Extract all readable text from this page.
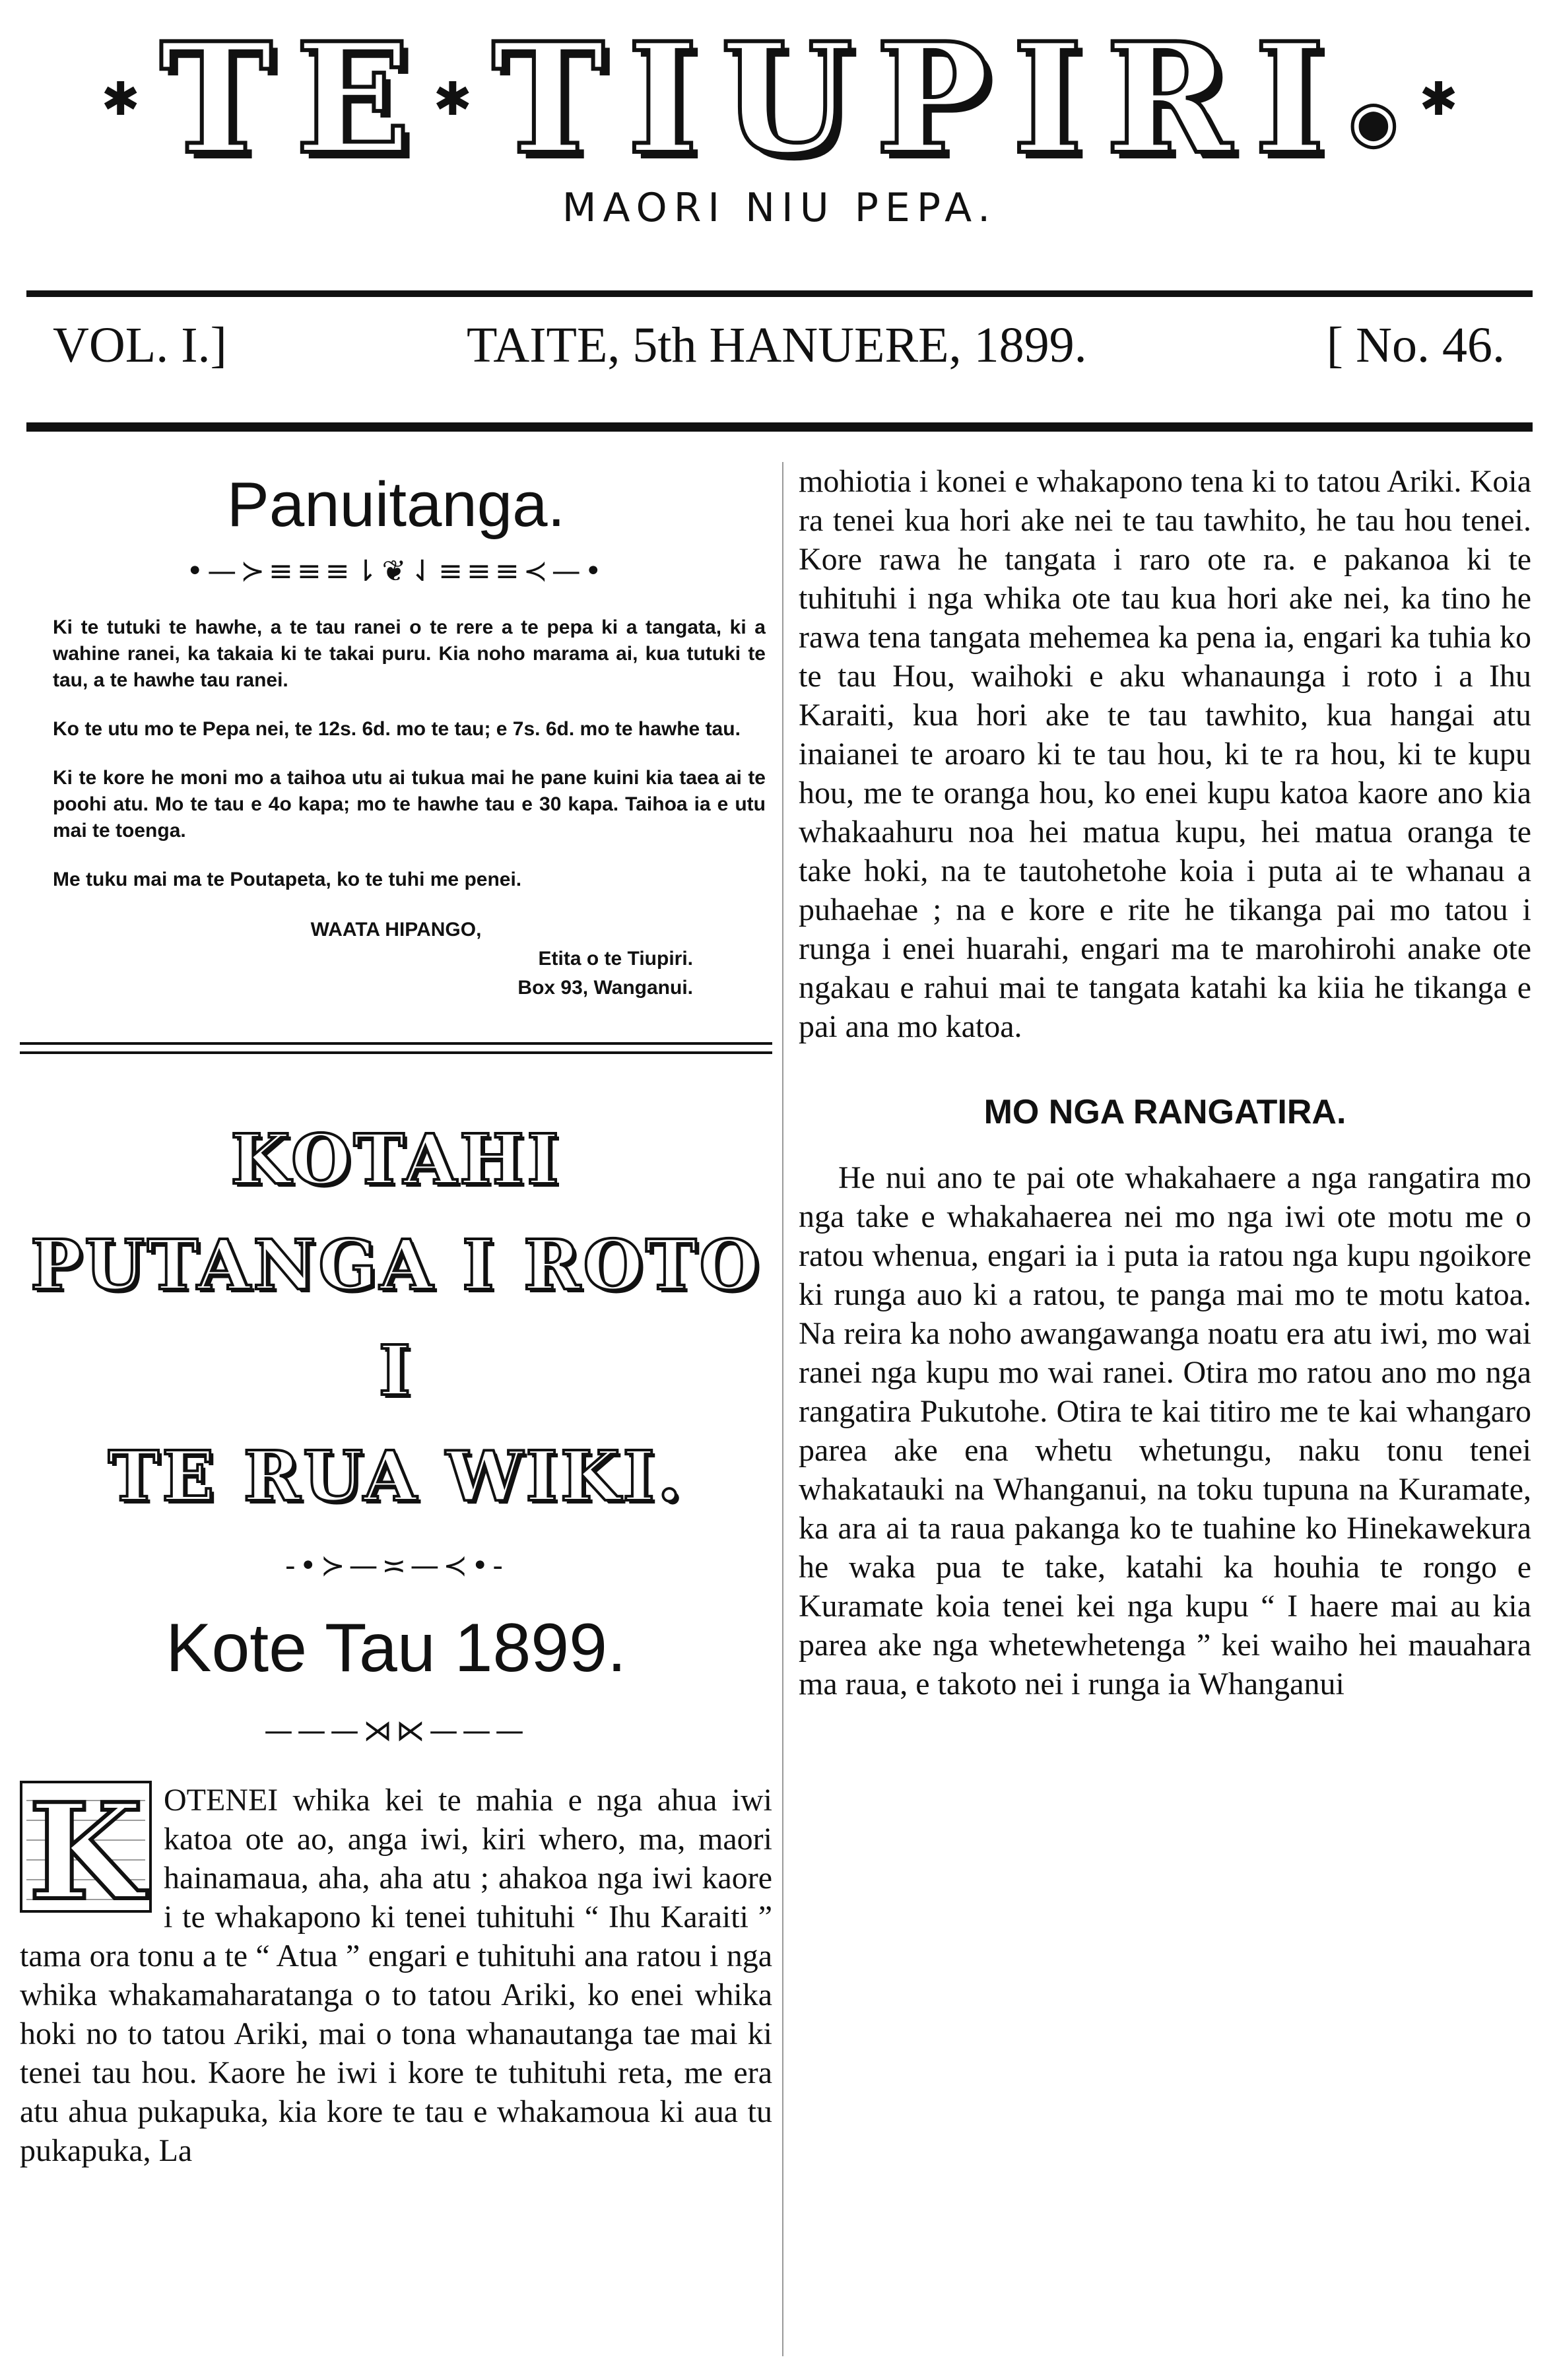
✱ T E ✱ T I U P I R I ◉ ✱
MAORI NIU PEPA.
VOL. I.]	TAITE, 5th HANUERE, 1899.	[ No. 46.
Panuitanga.
•—≻≡≡≡⇂❦⇃≡≡≡≺—•

Ki te tutuki te hawhe, a te tau ranei o te rere a te pepa ki a tangata, ki a wahine ranei, ka takaia ki te takai puru. Kia noho marama ai, kua tutuki te tau, a te hawhe tau ranei.

Ko te utu mo te Pepa nei, te 12s. 6d. mo te tau; e 7s. 6d. mo te hawhe tau.

Ki te kore he moni mo a taihoa utu ai tukua mai he pane kuini kia taea ai te poohi atu. Mo te tau e 4o kapa; mo te hawhe tau e 30 kapa. Taihoa ia e utu mai te toenga.

Me tuku mai ma te Poutapeta, ko te tuhi me penei.

WAATA HIPANGO,
Etita o te Tiupiri.
Box 93, Wanganui.
KOTAHI PUTANGA I ROTO I
TE RUA WIKI.
-•≻—≍—≺•-
Kote Tau 1899.
———⋊⋉———
K OTENEI whika kei te mahia e nga ahua iwi katoa ote ao, anga iwi, kiri whero, ma, maori hainamaua, aha, aha atu ; ahakoa nga iwi kaore i te whakapono ki tenei tuhituhi “ Ihu Karaiti ” tama ora tonu a te “ Atua ” engari e tuhituhi ana ratou i nga whika whakamaharatanga o to tatou Ariki, ko enei whika hoki no to tatou Ariki, mai o tona whanautanga tae mai ki tenei tau hou. Kaore he iwi i kore te tuhituhi reta, me era atu ahua pukapuka, kia kore te tau e whakamoua ki aua tu pukapuka, La
mohiotia i konei e whakapono tena ki to tatou Ariki. Koia ra tenei kua hori ake nei te tau tawhito, he tau hou tenei. Kore rawa he tangata i raro ote ra. e pakanoa ki te tuhituhi i nga whika ote tau kua hori ake nei, ka tino he rawa tena tangata mehemea ka pena ia, engari ka tuhia ko te tau Hou, waihoki e aku whanaunga i roto i a Ihu Karaiti, kua hori ake te tau tawhito, kua hangai atu inaianei te aroaro ki te tau hou, ki te ra hou, ki te kupu hou, me te oranga hou, ko enei kupu katoa kaore ano kia whakaahuru noa hei matua kupu, hei matua oranga te take hoki, na te tautohetohe koia i puta ai te whanau a puhaehae ; na e kore e rite he tikanga pai mo tatou i runga i enei huarahi, engari ma te marohirohi anake ote ngakau e rahui mai te tangata katahi ka kiia he tikanga e pai ana mo katoa.
MO NGA RANGATIRA.
He nui ano te pai ote whakahaere a nga rangatira mo nga take e whakahaerea nei mo nga iwi ote motu me o ratou whenua, engari ia i puta ia ratou nga kupu ngoikore ki runga auo ki a ratou, te panga mai mo te motu katoa. Na reira ka noho awangawanga noatu era atu iwi, mo wai ranei nga kupu mo wai ranei. Otira mo ratou ano mo nga rangatira Pukutohe. Otira te kai titiro me te kai whangaro parea ake ena whetu whetungu, naku tonu tenei whakatauki na Whanganui, na toku tupuna na Kuramate, ka ara ai ta raua pakanga ko te tuahine ko Hinekawekura he waka pua te take, katahi ka houhia te rongo e Kuramate koia tenei kei nga kupu “ I haere mai au kia parea ake nga whetewhetenga ” kei waiho hei mauahara ma raua, e takoto nei i runga ia Whanganui
